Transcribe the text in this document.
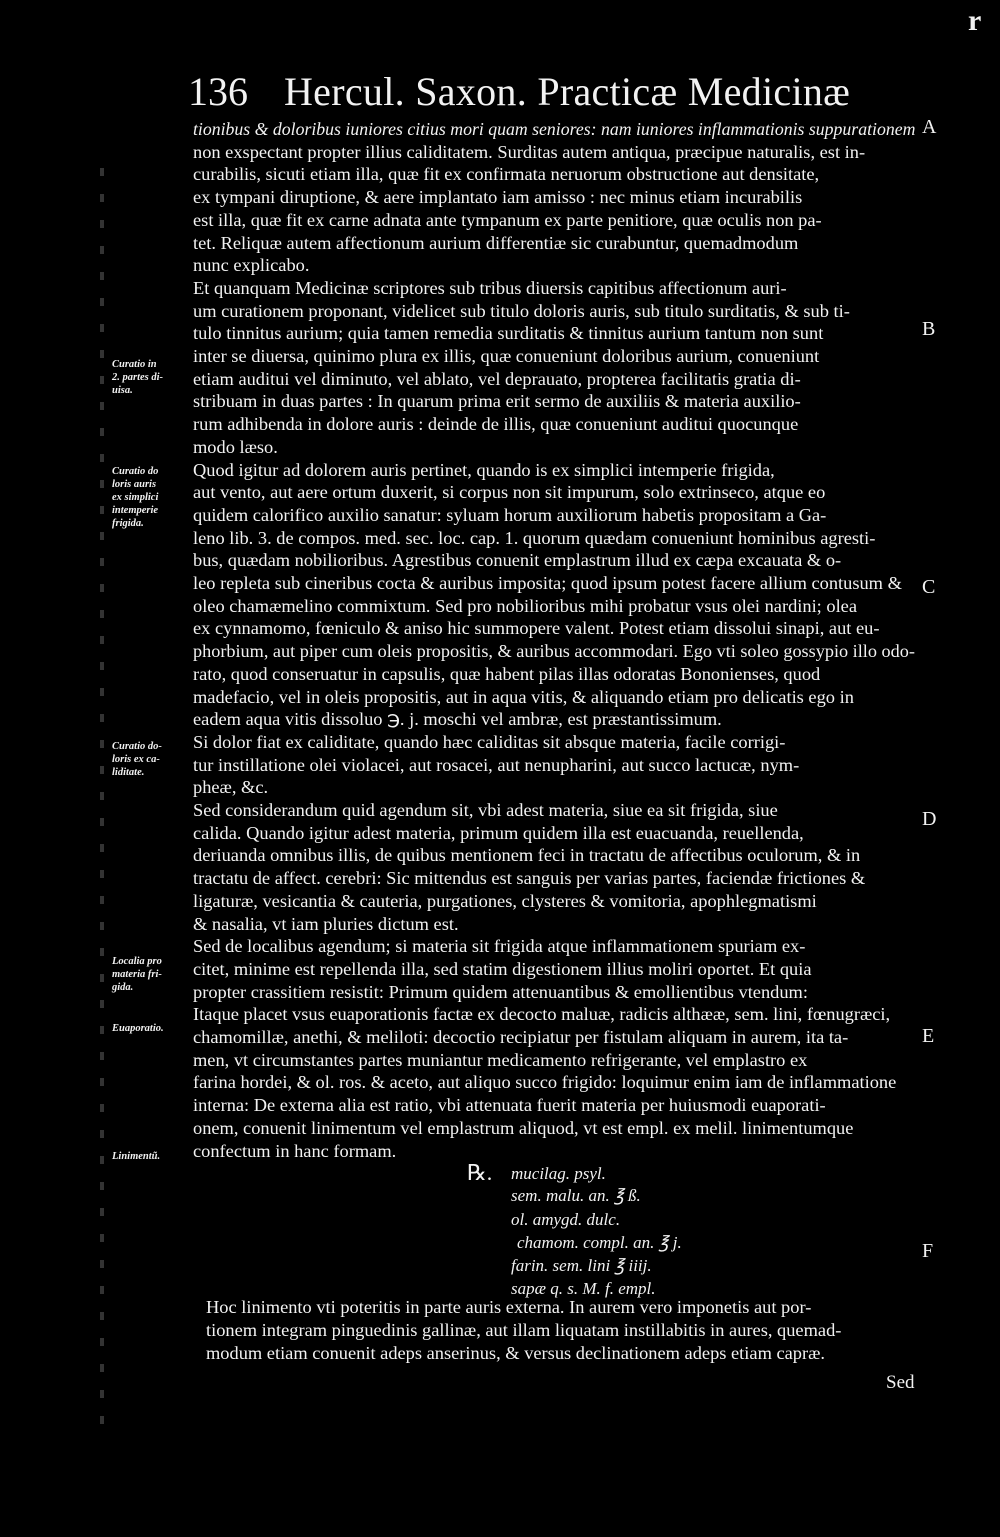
136 Hercul. Saxon. Practicæ Medicinæ
r
tionibus & doloribus iuniores citius mori quam seniores: nam iuniores inflammationis suppurationem
non exspectant propter illius caliditatem. Surditas autem antiqua, præcipue naturalis, est in-
curabilis, sicuti etiam illa, quæ fit ex confirmata neruorum obstructione aut densitate,
ex tympani diruptione, & aere implantato iam amisso : nec minus etiam incurabilis
est illa, quæ fit ex carne adnata ante tympanum ex parte penitiore, quæ oculis non pa-
tet. Reliquæ autem affectionum aurium differentiæ sic curabuntur, quemadmodum
nunc explicabo.
Et quanquam Medicinæ scriptores sub tribus diuersis capitibus affectionum auri-
um curationem proponant, videlicet sub titulo doloris auris, sub titulo surditatis, & sub ti-
tulo tinnitus aurium; quia tamen remedia surditatis & tinnitus aurium tantum non sunt
inter se diuersa, quinimo plura ex illis, quæ conueniunt doloribus aurium, conueniunt
etiam auditui vel diminuto, vel ablato, vel deprauato, propterea facilitatis gratia di-
stribuam in duas partes : In quarum prima erit sermo de auxiliis & materia auxilio-
rum adhibenda in dolore auris : deinde de illis, quæ conueniunt auditui quocunque
modo læso.
Quod igitur ad dolorem auris pertinet, quando is ex simplici intemperie frigida,
aut vento, aut aere ortum duxerit, si corpus non sit impurum, solo extrinseco, atque eo
quidem calorifico auxilio sanatur: syluam horum auxiliorum habetis propositam a Ga-
leno lib. 3. de compos. med. sec. loc. cap. 1. quorum quædam conueniunt hominibus agresti-
bus, quædam nobilioribus. Agrestibus conuenit emplastrum illud ex cæpa excauata & o-
leo repleta sub cineribus cocta & auribus imposita; quod ipsum potest facere allium contusum &
oleo chamæmelino commixtum. Sed pro nobilioribus mihi probatur vsus olei nardini; olea
ex cynnamomo, fœniculo & aniso hic summopere valent. Potest etiam dissolui sinapi, aut eu-
phorbium, aut piper cum oleis propositis, & auribus accommodari. Ego vti soleo gossypio illo odo-
rato, quod conseruatur in capsulis, quæ habent pilas illas odoratas Bononienses, quod
madefacio, vel in oleis propositis, aut in aqua vitis, & aliquando etiam pro delicatis ego in
eadem aqua vitis dissoluo ℈. j. moschi vel ambræ, est præstantissimum.
Si dolor fiat ex caliditate, quando hæc caliditas sit absque materia, facile corrigi-
tur instillatione olei violacei, aut rosacei, aut nenupharini, aut succo lactucæ, nym-
pheæ, &c.
Sed considerandum quid agendum sit, vbi adest materia, siue ea sit frigida, siue
calida. Quando igitur adest materia, primum quidem illa est euacuanda, reuellenda,
deriuanda omnibus illis, de quibus mentionem feci in tractatu de affectibus oculorum, & in
tractatu de affect. cerebri: Sic mittendus est sanguis per varias partes, faciendæ frictiones &
ligaturæ, vesicantia & cauteria, purgationes, clysteres & vomitoria, apophlegmatismi
& nasalia, vt iam pluries dictum est.
Sed de localibus agendum; si materia sit frigida atque inflammationem spuriam ex-
citet, minime est repellenda illa, sed statim digestionem illius moliri oportet. Et quia
propter crassitiem resistit: Primum quidem attenuantibus & emollientibus vtendum:
Itaque placet vsus euaporationis factæ ex decocto maluæ, radicis althææ, sem. lini, fœnugræci,
chamomillæ, anethi, & meliloti: decoctio recipiatur per fistulam aliquam in aurem, ita ta-
men, vt circumstantes partes muniantur medicamento refrigerante, vel emplastro ex
farina hordei, & ol. ros. & aceto, aut aliquo succo frigido: loquimur enim iam de inflammatione
interna: De externa alia est ratio, vbi attenuata fuerit materia per huiusmodi euaporati-
onem, conuenit linimentum vel emplastrum aliquod, vt est empl. ex melil. linimentumque
confectum in hanc formam.
Curatio in
2. partes di-
uisa.
Curatio do
loris auris
ex simplici
intemperie
frigida.
Curatio do-
loris ex ca-
liditate.
Localia pro
materia fri-
gida.
Euaporatio.
Linimentũ.
A
B
C
D
E
F
℞. mucilag. psyl.
sem. malu. an. ℥ ß.
ol. amygd. dulc.
chamom. compl. an. ℥ j.
farin. sem. lini ℥ iiij.
sapæ q. s. M. f. empl.
Hoc linimento vti poteritis in parte auris externa. In aurem vero imponetis aut por-
tionem integram pinguedinis gallinæ, aut illam liquatam instillabitis in aures, quemad-
modum etiam conuenit adeps anserinus, & versus declinationem adeps etiam capræ.
Sed
